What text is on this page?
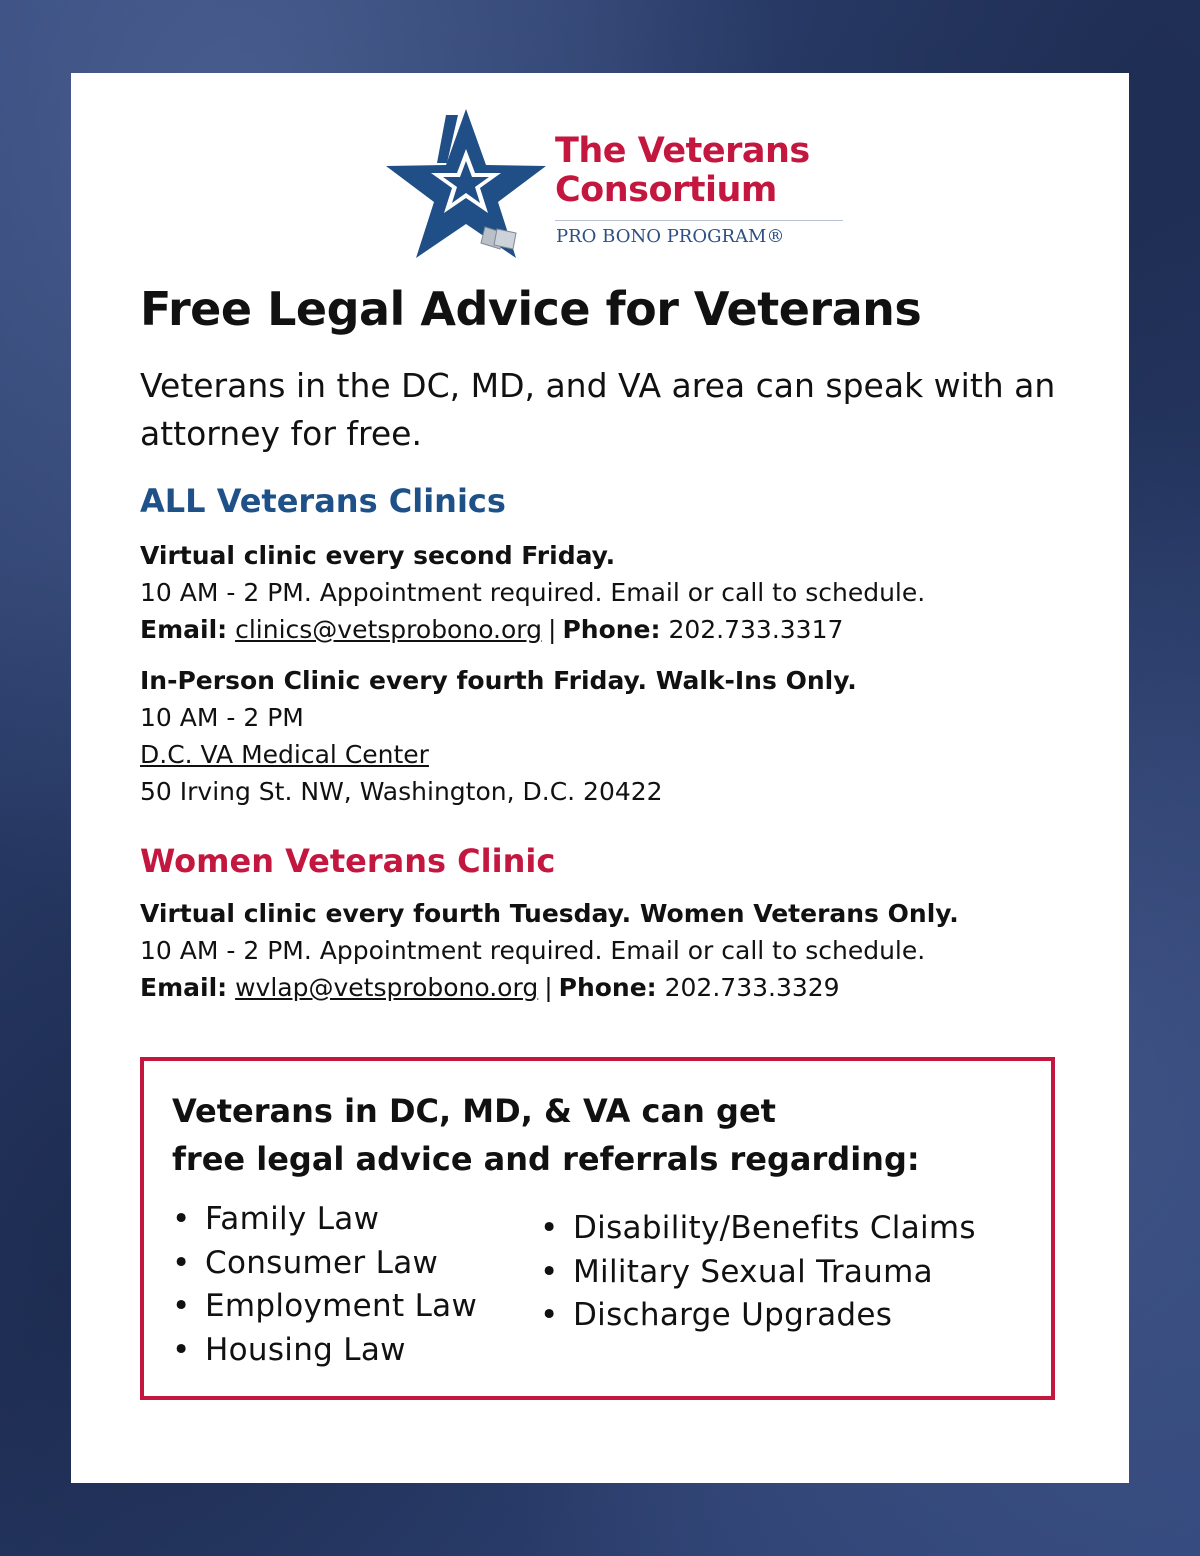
The Veterans
Consortium
PRO BONO PROGRAM®
Free Legal Advice for Veterans
Veterans in the DC, MD, and VA area can speak with an attorney for free.
ALL Veterans Clinics
Virtual clinic every second Friday.
10 AM - 2 PM. Appointment required. Email or call to schedule.
Email: clinics@vetsprobono.org | Phone: 202.733.3317
In-Person Clinic every fourth Friday. Walk-Ins Only.
10 AM - 2 PM
D.C. VA Medical Center
50 Irving St. NW, Washington, D.C. 20422
Women Veterans Clinic
Virtual clinic every fourth Tuesday. Women Veterans Only.
10 AM - 2 PM. Appointment required. Email or call to schedule.
Email: wvlap@vetsprobono.org | Phone: 202.733.3329
Veterans in DC, MD, & VA can get
free legal advice and referrals regarding:
• Family Law
• Consumer Law
• Employment Law
• Housing Law
• Disability/Benefits Claims
• Military Sexual Trauma
• Discharge Upgrades
